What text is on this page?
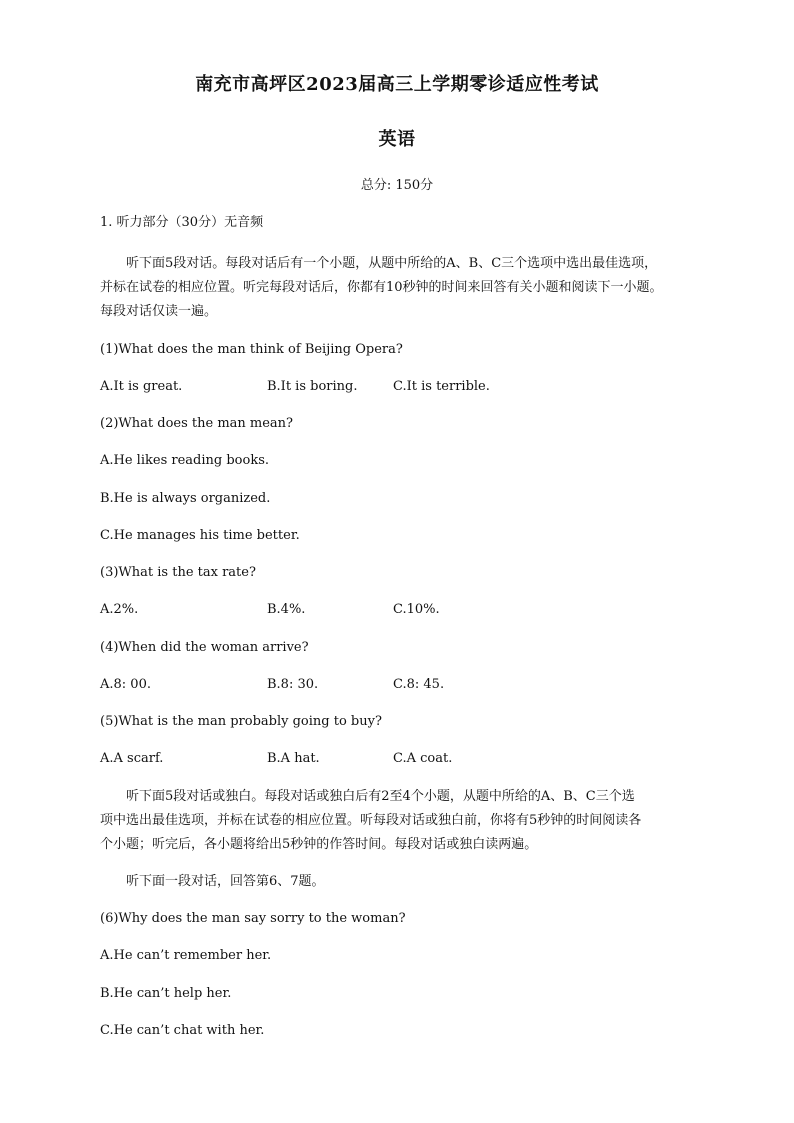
南充市高坪区2023届高三上学期零诊适应性考试
英语
总分: 150分
1. 听力部分（30分）无音频
听下面5段对话。每段对话后有一个小题，从题中所给的A、B、C三个选项中选出最佳选项，
并标在试卷的相应位置。听完每段对话后，你都有10秒钟的时间来回答有关小题和阅读下一小题。
每段对话仅读一遍。
(1)What does the man think of Beijing Opera?
A.It is great.	B.It is boring.	C.It is terrible.
(2)What does the man mean?
A.He likes reading books.
B.He is always organized.
C.He manages his time better.
(3)What is the tax rate?
A.2%.	B.4%.	C.10%.
(4)When did the woman arrive?
A.8: 00.	B.8: 30.	C.8: 45.
(5)What is the man probably going to buy?
A.A scarf.	B.A hat.	C.A coat.
听下面5段对话或独白。每段对话或独白后有2至4个小题，从题中所给的A、B、C三个选
项中选出最佳选项，并标在试卷的相应位置。听每段对话或独白前，你将有5秒钟的时间阅读各
个小题；听完后，各小题将给出5秒钟的作答时间。每段对话或独白读两遍。
听下面一段对话，回答第6、7题。
(6)Why does the man say sorry to the woman?
A.He can’t remember her.
B.He can’t help her.
C.He can’t chat with her.
